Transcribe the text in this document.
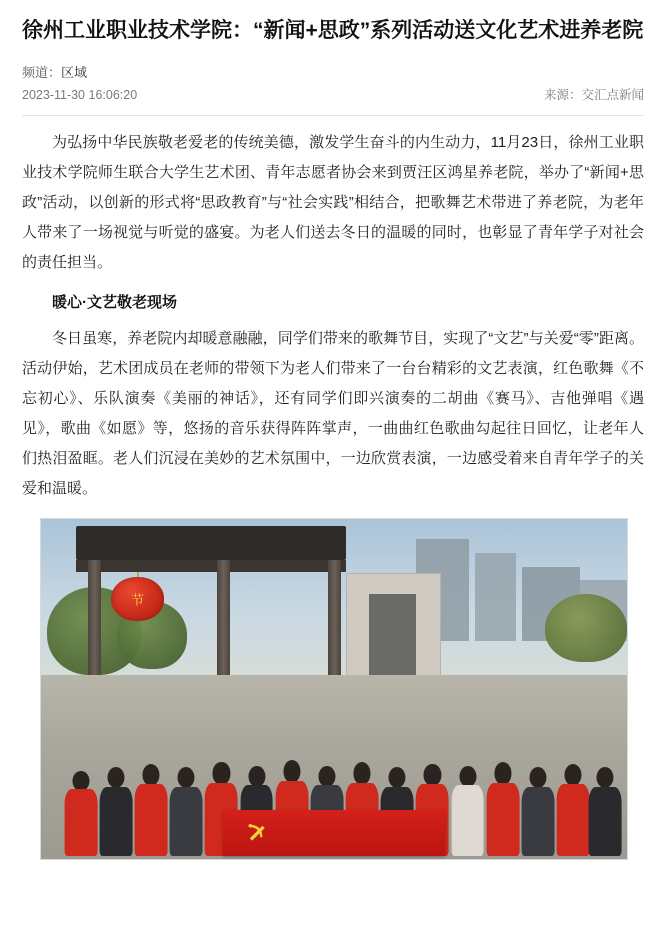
徐州工业职业技术学院：“新闻+思政”系列活动送文化艺术进养老院
频道：区域
2023-11-30 16:06:20	来源：交汇点新闻

为弘扬中华民族敬老爱老的传统美德，激发学生奋斗的内生动力，11月23日，徐州工业职业技术学院师生联合大学生艺术团、青年志愿者协会来到贾汪区鸿星养老院，举办了“新闻+思政”活动，以创新的形式将“思政教育”与“社会实践”相结合，把歌舞艺术带进了养老院，为老年人带来了一场视觉与听觉的盛宴。为老人们送去冬日的温暖的同时，也彰显了青年学子对社会的责任担当。

暖心·文艺敬老现场

冬日虽寒，养老院内却暖意融融，同学们带来的歌舞节目，实现了“文艺”与关爱“零”距离。活动伊始，艺术团成员在老师的带领下为老人们带来了一台台精彩的文艺表演，红色歌舞《不忘初心》、乐队演奏《美丽的神话》，还有同学们即兴演奏的二胡曲《赛马》、吉他弹唱《遇见》，歌曲《如愿》等，悠扬的音乐获得阵阵掌声，一曲曲红色歌曲勾起往日回忆，让老年人们热泪盈眶。老人们沉浸在美妙的艺术氛围中，一边欣赏表演，一边感受着来自青年学子的关爱和温暖。

节
